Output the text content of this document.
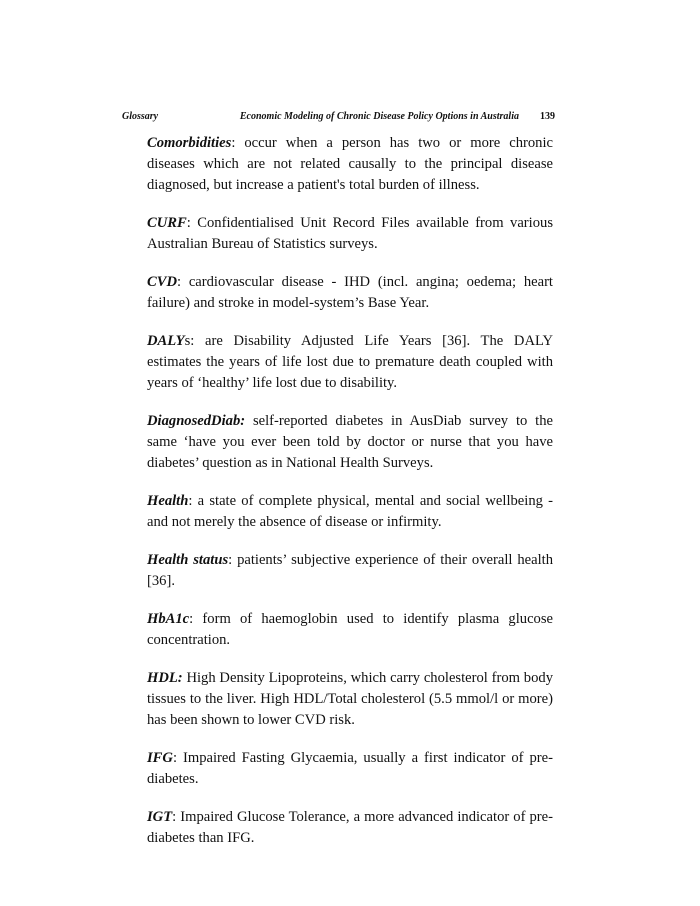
Glossary	Economic Modeling of Chronic Disease Policy Options in Australia 139

Comorbidities: occur when a person has two or more chronic diseases which are not related causally to the principal disease diagnosed, but increase a patient's total burden of illness.

CURF: Confidentialised Unit Record Files available from various Australian Bureau of Statistics surveys.

CVD: cardiovascular disease - IHD (incl. angina; oedema; heart failure) and stroke in model-system’s Base Year.

DALYs: are Disability Adjusted Life Years [36]. The DALY estimates the years of life lost due to premature death coupled with years of ‘healthy’ life lost due to disability.

DiagnosedDiab: self-reported diabetes in AusDiab survey to the same ‘have you ever been told by doctor or nurse that you have diabetes’ question as in National Health Surveys.

Health: a state of complete physical, mental and social wellbeing - and not merely the absence of disease or infirmity.

Health status: patients’ subjective experience of their overall health [36].

HbA1c: form of haemoglobin used to identify plasma glucose concentration.

HDL: High Density Lipoproteins, which carry cholesterol from body tissues to the liver. High HDL/Total cholesterol (5.5 mmol/l or more) has been shown to lower CVD risk.

IFG: Impaired Fasting Glycaemia, usually a first indicator of pre-diabetes.

IGT: Impaired Glucose Tolerance, a more advanced indicator of pre-diabetes than IFG.
